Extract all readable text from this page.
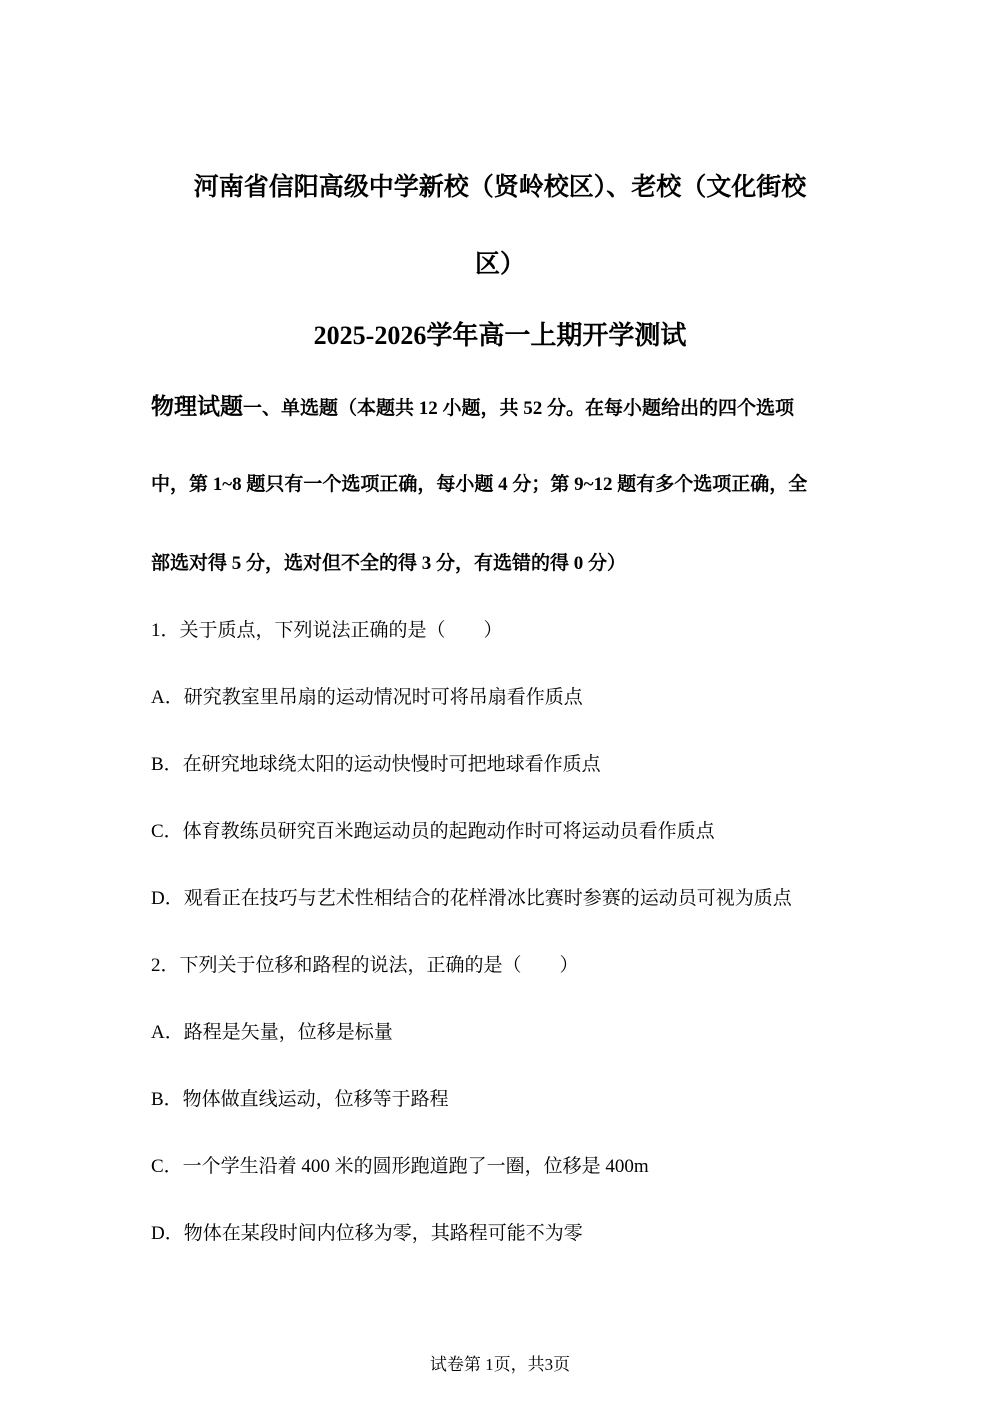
河南省信阳高级中学新校（贤岭校区）、老校（文化街校
区）
2025-2026学年高一上期开学测试
物理试题一、单选题（本题共 12 小题，共 52 分。在每小题给出的四个选项
中，第 1~8 题只有一个选项正确，每小题 4 分；第 9~12 题有多个选项正确，全
部选对得 5 分，选对但不全的得 3 分，有选错的得 0 分）
1．关于质点，下列说法正确的是（　　）
A．研究教室里吊扇的运动情况时可将吊扇看作质点
B．在研究地球绕太阳的运动快慢时可把地球看作质点
C．体育教练员研究百米跑运动员的起跑动作时可将运动员看作质点
D．观看正在技巧与艺术性相结合的花样滑冰比赛时参赛的运动员可视为质点
2．下列关于位移和路程的说法，正确的是（　　）
A．路程是矢量，位移是标量
B．物体做直线运动，位移等于路程
C．一个学生沿着 400 米的圆形跑道跑了一圈，位移是 400m
D．物体在某段时间内位移为零，其路程可能不为零
试卷第 1页，共3页
